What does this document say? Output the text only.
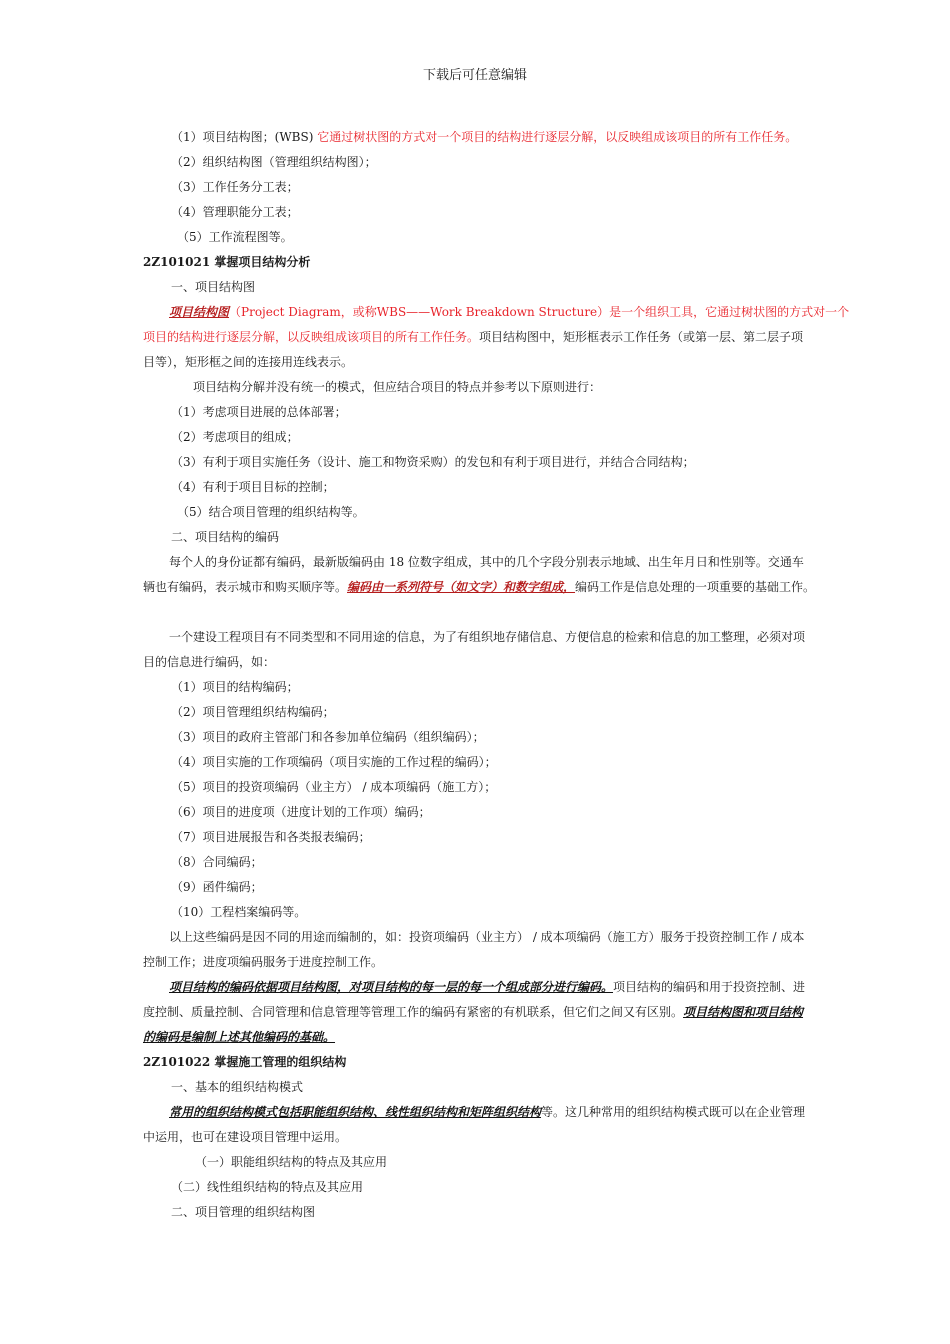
下载后可任意编辑
（1）项目结构图；(WBS) 它通过树状图的方式对一个项目的结构进行逐层分解，以反映组成该项目的所有工作任务。
（2）组织结构图（管理组织结构图）；
（3）工作任务分工表；
（4）管理职能分工表；
（5）工作流程图等。
2Z101021 掌握项目结构分析
一、项目结构图
项目结构图（Project Diagram，或称WBS——Work Breakdown Structure）是一个组织工具，它通过树状图的方式对一个
项目的结构进行逐层分解，以反映组成该项目的所有工作任务。项目结构图中，矩形框表示工作任务（或第一层、第二层子项
目等），矩形框之间的连接用连线表示。
项目结构分解并没有统一的模式，但应结合项目的特点并参考以下原则进行：
（1）考虑项目进展的总体部署；
（2）考虑项目的组成；
（3）有利于项目实施任务（设计、施工和物资采购）的发包和有利于项目进行，并结合合同结构；
（4）有利于项目目标的控制；
（5）结合项目管理的组织结构等。
二、项目结构的编码
每个人的身份证都有编码，最新版编码由 18 位数字组成，其中的几个字段分别表示地域、出生年月日和性别等。交通车
辆也有编码，表示城市和购买顺序等。编码由一系列符号（如文字）和数字组成，编码工作是信息处理的一项重要的基础工作。
一个建设工程项目有不同类型和不同用途的信息，为了有组织地存储信息、方便信息的检索和信息的加工整理，必须对项
目的信息进行编码，如：
（1）项目的结构编码；
（2）项目管理组织结构编码；
（3）项目的政府主管部门和各参加单位编码（组织编码）；
（4）项目实施的工作项编码（项目实施的工作过程的编码）；
（5）项目的投资项编码（业主方） / 成本项编码（施工方）；
（6）项目的进度项（进度计划的工作项）编码；
（7）项目进展报告和各类报表编码；
（8）合同编码；
（9）函件编码；
（10）工程档案编码等。
以上这些编码是因不同的用途而编制的，如：投资项编码（业主方） / 成本项编码（施工方）服务于投资控制工作 / 成本
控制工作；进度项编码服务于进度控制工作。
项目结构的编码依据项目结构图，对项目结构的每一层的每一个组成部分进行编码。项目结构的编码和用于投资控制、进
度控制、质量控制、合同管理和信息管理等管理工作的编码有紧密的有机联系，但它们之间又有区别。项目结构图和项目结构
的编码是编制上述其他编码的基础。
2Z101022 掌握施工管理的组织结构
一、基本的组织结构模式
常用的组织结构模式包括职能组织结构、线性组织结构和矩阵组织结构等。这几种常用的组织结构模式既可以在企业管理
中运用，也可在建设项目管理中运用。
（一）职能组织结构的特点及其应用
（二）线性组织结构的特点及其应用
二、项目管理的组织结构图
